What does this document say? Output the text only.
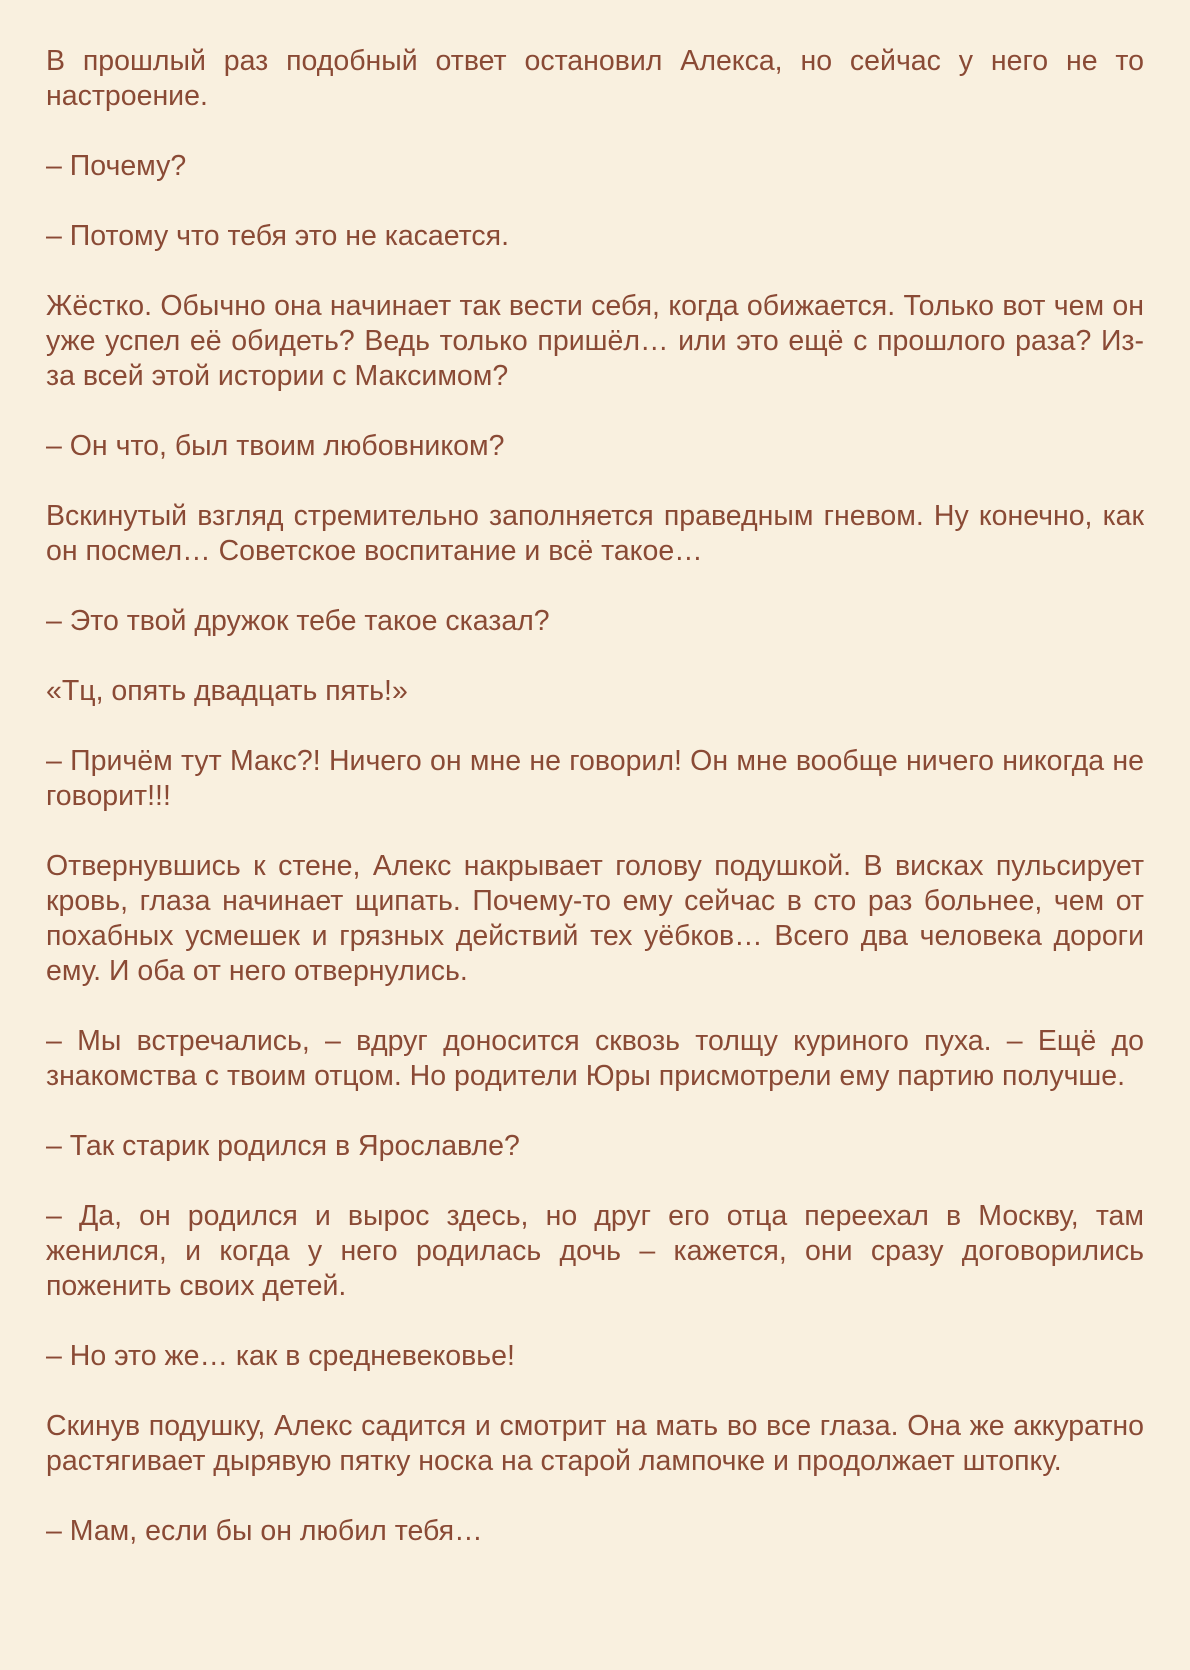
В прошлый раз подобный ответ остановил Алекса, но сейчас у него не то настроение.

– Почему?

– Потому что тебя это не касается.

Жёстко. Обычно она начинает так вести себя, когда обижается. Только вот чем он уже успел её обидеть? Ведь только пришёл… или это ещё с прошлого раза? Из-за всей этой истории с Максимом?

– Он что, был твоим любовником?

Вскинутый взгляд стремительно заполняется праведным гневом. Ну конечно, как он посмел… Советское воспитание и всё такое…

– Это твой дружок тебе такое сказал?

«Тц, опять двадцать пять!»

– Причём тут Макс?! Ничего он мне не говорил! Он мне вообще ничего никогда не говорит!!!

Отвернувшись к стене, Алекс накрывает голову подушкой. В висках пульсирует кровь, глаза начинает щипать. Почему-то ему сейчас в сто раз больнее, чем от похабных усмешек и грязных действий тех уёбков… Всего два человека дороги ему. И оба от него отвернулись.

– Мы встречались, – вдруг доносится сквозь толщу куриного пуха. – Ещё до знакомства с твоим отцом. Но родители Юры присмотрели ему партию получше.

– Так старик родился в Ярославле?

– Да, он родился и вырос здесь, но друг его отца переехал в Москву, там женился, и когда у него родилась дочь – кажется, они сразу договорились поженить своих детей.

– Но это же… как в средневековье!

Скинув подушку, Алекс садится и смотрит на мать во все глаза. Она же аккуратно растягивает дырявую пятку носка на старой лампочке и продолжает штопку.

– Мам, если бы он любил тебя…
